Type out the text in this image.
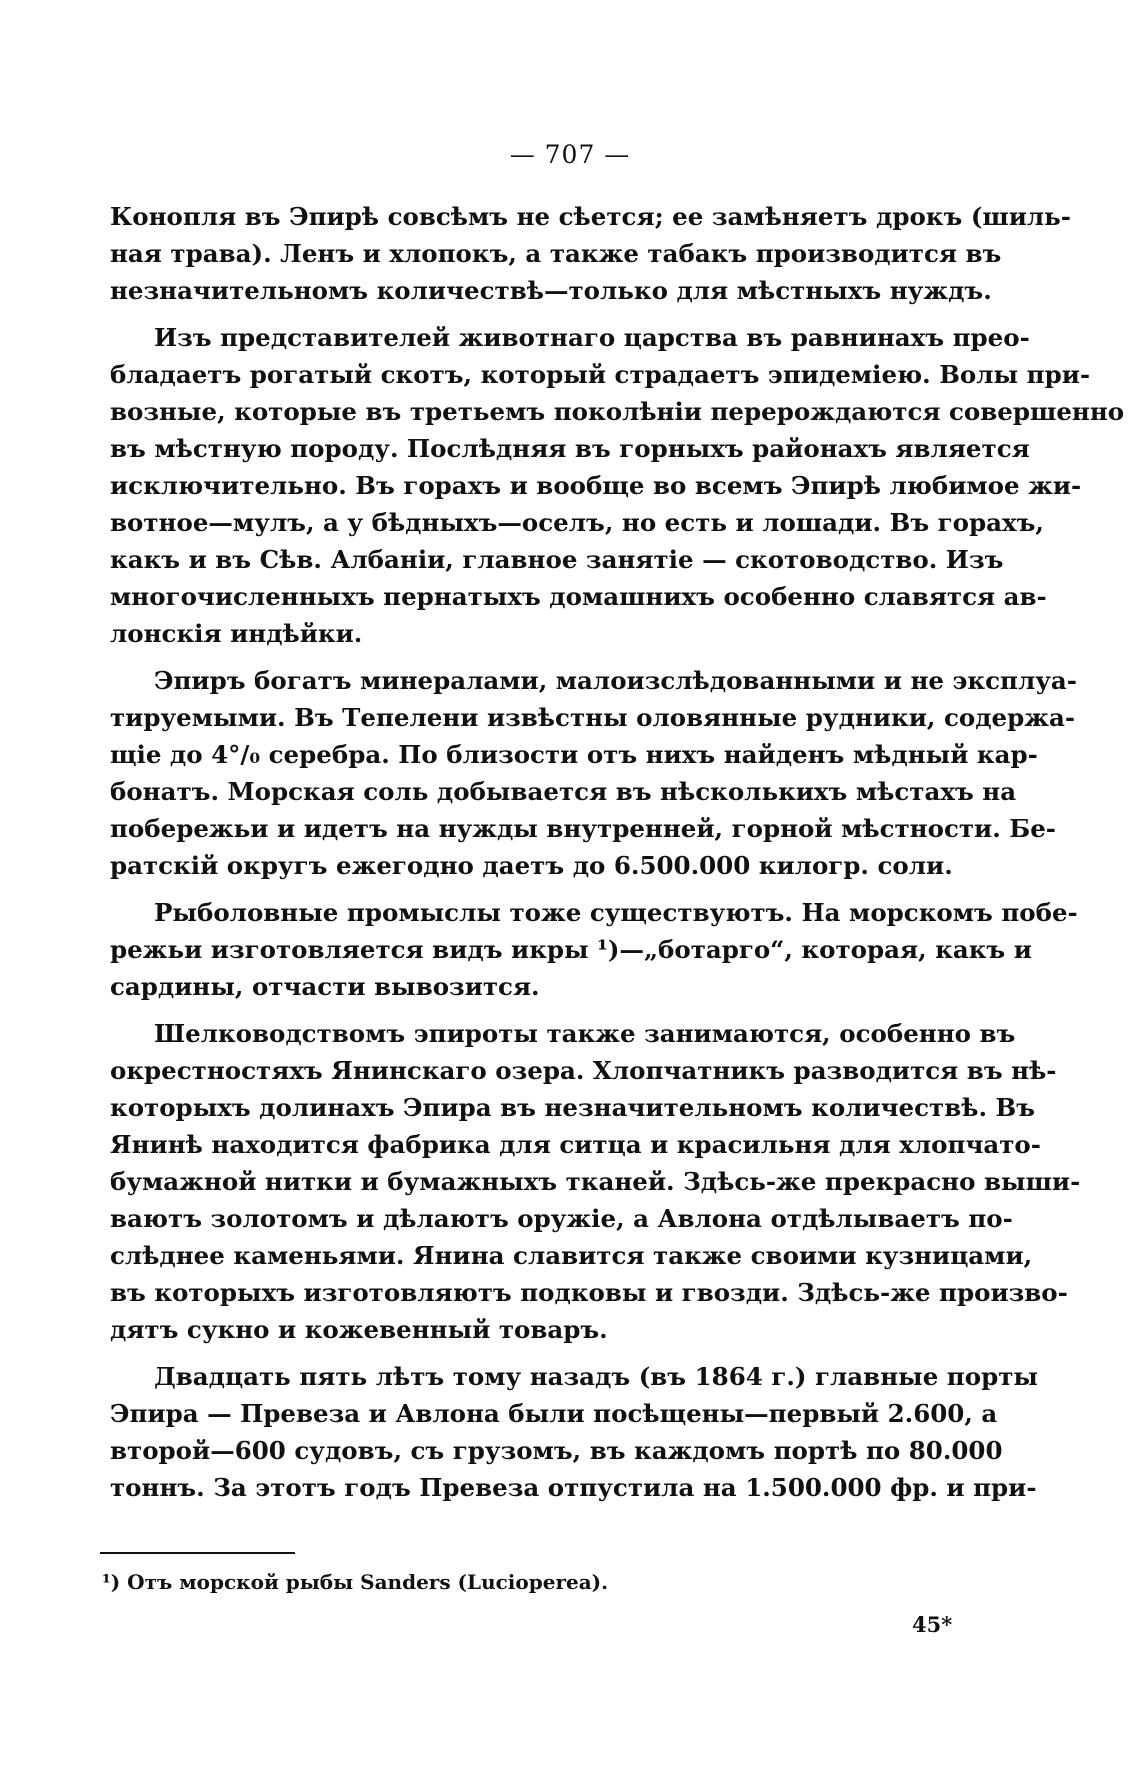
— 707 —
Конопля въ Эпирѣ совсѣмъ не сѣется; ее замѣняетъ дрокъ (шиль-
ная трава). Ленъ и хлопокъ, а также табакъ производится въ
незначительномъ количествѣ—только для мѣстныхъ нуждъ.
Изъ представителей животнаго царства въ равнинахъ прео-
бладаетъ рогатый скотъ, который страдаетъ эпидеміею. Волы при-
возные, которые въ третьемъ поколѣніи перерождаются совершенно
въ мѣстную породу. Послѣдняя въ горныхъ районахъ является
исключительно. Въ горахъ и вообще во всемъ Эпирѣ любимое жи-
вотное—мулъ, а у бѣдныхъ—оселъ, но есть и лошади. Въ горахъ,
какъ и въ Сѣв. Албаніи, главное занятіе — скотоводство. Изъ
многочисленныхъ пернатыхъ домашнихъ особенно славятся ав-
лонскія индѣйки.
Эпиръ богатъ минералами, малоизслѣдованными и не эксплуа-
тируемыми. Въ Тепелени извѣстны оловянные рудники, содержа-
щіе до 4°/₀ серебра. По близости отъ нихъ найденъ мѣдный кар-
бонатъ. Морская соль добывается въ нѣсколькихъ мѣстахъ на
побережьи и идетъ на нужды внутренней, горной мѣстности. Бе-
ратскій округъ ежегодно даетъ до 6.500.000 килогр. соли.
Рыболовные промыслы тоже существуютъ. На морскомъ побе-
режьи изготовляется видъ икры ¹)—„ботарго“, которая, какъ и
сардины, отчасти вывозится.
Шелководствомъ эпироты также занимаются, особенно въ
окрестностяхъ Янинскаго озера. Хлопчатникъ разводится въ нѣ-
которыхъ долинахъ Эпира въ незначительномъ количествѣ. Въ
Янинѣ находится фабрика для ситца и красильня для хлопчато-
бумажной нитки и бумажныхъ тканей. Здѣсь-же прекрасно выши-
ваютъ золотомъ и дѣлаютъ оружіе, а Авлона отдѣлываетъ по-
слѣднее каменьями. Янина славится также своими кузницами,
въ которыхъ изготовляютъ подковы и гвозди. Здѣсь-же произво-
дятъ сукно и кожевенный товаръ.
Двадцать пять лѣтъ тому назадъ (въ 1864 г.) главные порты
Эпира — Превеза и Авлона были посѣщены—первый 2.600, а
второй—600 судовъ, съ грузомъ, въ каждомъ портѣ по 80.000
тоннъ. За этотъ годъ Превеза отпустила на 1.500.000 фр. и при-
¹) Отъ морской рыбы Sanders (Lucioperea).
45*
